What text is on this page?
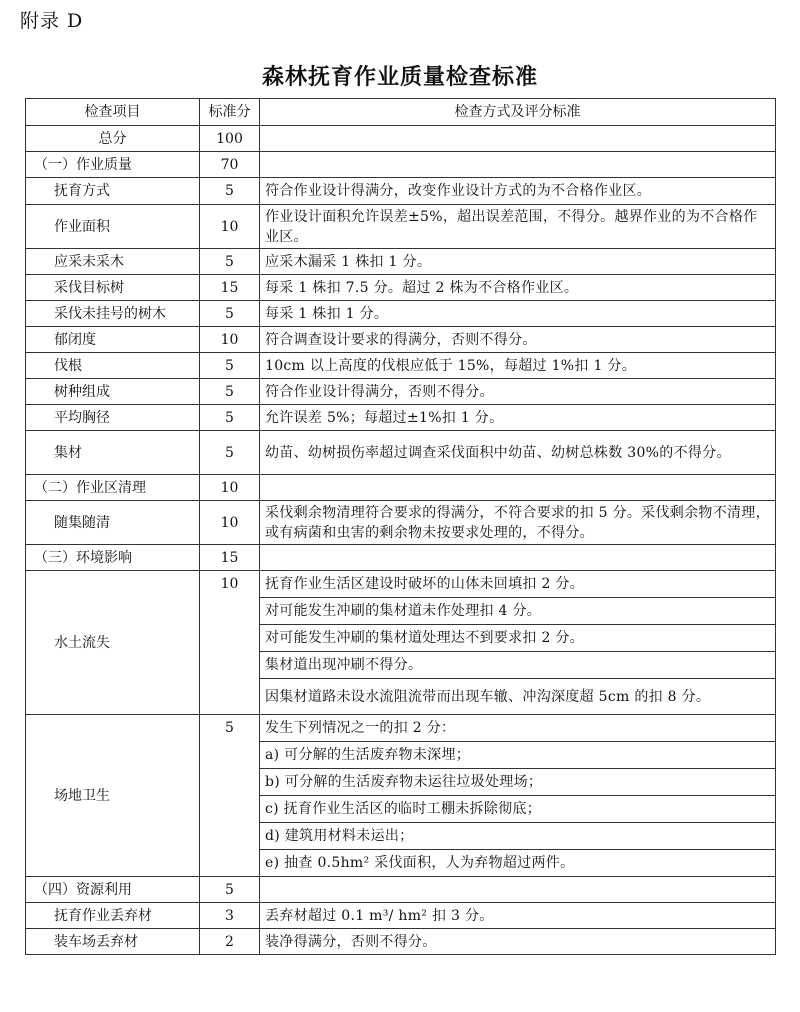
附录 D
森林抚育作业质量检查标准
检查项目	标准分	检查方式及评分标准
总分	100	
（一）作业质量	70	
抚育方式	5	符合作业设计得满分，改变作业设计方式的为不合格作业区。
作业面积	10	作业设计面积允许误差±5%，超出误差范围，不得分。越界作业的为不合格作业区。
应采未采木	5	应采木漏采 1 株扣 1 分。
采伐目标树	15	每采 1 株扣 7.5 分。超过 2 株为不合格作业区。
采伐未挂号的树木	5	每采 1 株扣 1 分。
郁闭度	10	符合调查设计要求的得满分，否则不得分。
伐根	5	10cm 以上高度的伐根应低于 15%，每超过 1%扣 1 分。
树种组成	5	符合作业设计得满分，否则不得分。
平均胸径	5	允许误差 5%；每超过±1%扣 1 分。
集材	5	幼苗、幼树损伤率超过调查采伐面积中幼苗、幼树总株数 30%的不得分。
（二）作业区清理	10	
随集随清	10	采伐剩余物清理符合要求的得满分，不符合要求的扣 5 分。采伐剩余物不清理，或有病菌和虫害的剩余物未按要求处理的，不得分。
（三）环境影响	15	
水土流失	10	抚育作业生活区建设时破坏的山体未回填扣 2 分。
		对可能发生冲刷的集材道未作处理扣 4 分。
		对可能发生冲刷的集材道处理达不到要求扣 2 分。
		集材道出现冲刷不得分。
		因集材道路未设水流阻流带而出现车辙、冲沟深度超 5cm 的扣 8 分。
场地卫生	5	发生下列情况之一的扣 2 分：
		a) 可分解的生活废弃物未深埋；
		b) 可分解的生活废弃物未运往垃圾处理场；
		c) 抚育作业生活区的临时工棚未拆除彻底；
		d) 建筑用材料未运出；
		e) 抽查 0.5hm² 采伐面积，人为弃物超过两件。
（四）资源利用	5	
抚育作业丢弃材	3	丢弃材超过 0.1 m³/ hm² 扣 3 分。
装车场丢弃材	2	装净得满分，否则不得分。
